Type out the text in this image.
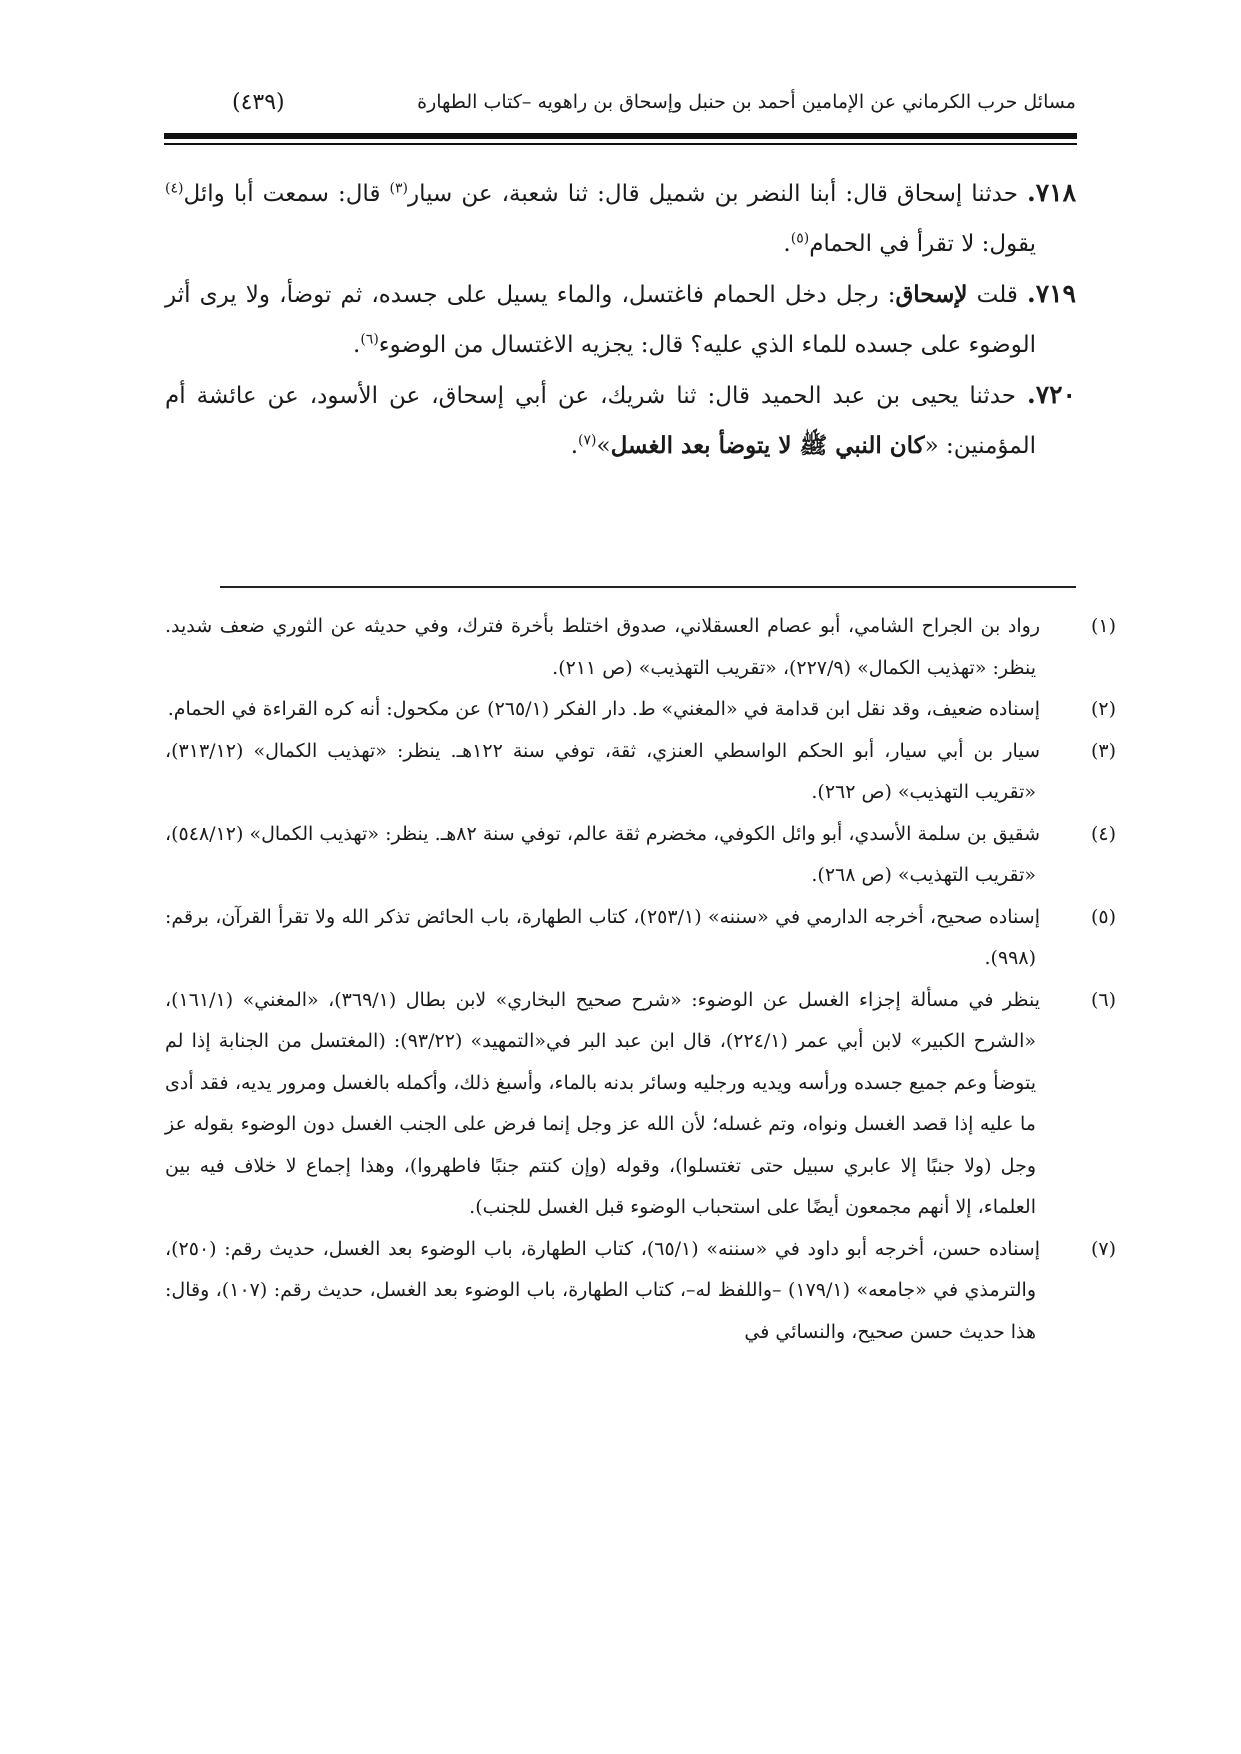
مسائل حرب الكرماني عن الإمامين أحمد بن حنبل وإسحاق بن راهويه –كتاب الطهارة
(٤٣٩)

٧١٨. حدثنا إسحاق قال: أبنا النضر بن شميل قال: ثنا شعبة، عن سيار$^{(٣)}$ قال: سمعت أبا وائل$^{(٤)}$ يقول: لا تقرأ في الحمام$^{(٥)}$.

٧١٩. قلت لإسحاق: رجل دخل الحمام فاغتسل، والماء يسيل على جسده، ثم توضأ، ولا يرى أثر الوضوء على جسده للماء الذي عليه؟ قال: يجزيه الاغتسال من الوضوء$^{(٦)}$.

٧٢٠. حدثنا يحيى بن عبد الحميد قال: ثنا شريك، عن أبي إسحاق، عن الأسود، عن عائشة أم المؤمنين: «كان النبي ﷺ لا يتوضأ بعد الغسل»$^{(٧)}$.

(١)رواد بن الجراح الشامي، أبو عصام العسقلاني، صدوق اختلط بأخرة فترك، وفي حديثه عن الثوري ضعف شديد. ينظر: «تهذيب الكمال» (٢٢٧/٩)، «تقريب التهذيب» (ص ٢١١).

(٢)إسناده ضعيف، وقد نقل ابن قدامة في «المغني» ط. دار الفكر (٢٦٥/١) عن مكحول: أنه كره القراءة في الحمام.

(٣)سيار بن أبي سيار، أبو الحكم الواسطي العنزي، ثقة، توفي سنة ١٢٢هـ. ينظر: «تهذيب الكمال» (٣١٣/١٢)، «تقريب التهذيب» (ص ٢٦٢).

(٤)شقيق بن سلمة الأسدي، أبو وائل الكوفي، مخضرم ثقة عالم، توفي سنة ٨٢هـ. ينظر: «تهذيب الكمال» (٥٤٨/١٢)، «تقريب التهذيب» (ص ٢٦٨).

(٥)إسناده صحيح، أخرجه الدارمي في «سننه» (٢٥٣/١)، كتاب الطهارة، باب الحائض تذكر الله ولا تقرأ القرآن، برقم: (٩٩٨).

(٦)ينظر في مسألة إجزاء الغسل عن الوضوء: «شرح صحيح البخاري» لابن بطال (٣٦٩/١)، «المغني» (١٦١/١)، «الشرح الكبير» لابن أبي عمر (٢٢٤/١)، قال ابن عبد البر في«التمهيد» (٩٣/٢٢): (المغتسل من الجنابة إذا لم يتوضأ وعم جميع جسده ورأسه ويديه ورجليه وسائر بدنه بالماء، وأسبغ ذلك، وأكمله بالغسل ومرور يديه، فقد أدى ما عليه إذا قصد الغسل ونواه، وتم غسله؛ لأن الله عز وجل إنما فرض على الجنب الغسل دون الوضوء بقوله عز وجل (ولا جنبًا إلا عابري سبيل حتى تغتسلوا)، وقوله (وإن كنتم جنبًا فاطهروا)، وهذا إجماع لا خلاف فيه بين العلماء، إلا أنهم مجمعون أيضًا على استحباب الوضوء قبل الغسل للجنب).

(٧)إسناده حسن، أخرجه أبو داود في «سننه» (٦٥/١)، كتاب الطهارة، باب الوضوء بعد الغسل، حديث رقم: (٢٥٠)، والترمذي في «جامعه» (١٧٩/١) –واللفظ له–، كتاب الطهارة، باب الوضوء بعد الغسل، حديث رقم: (١٠٧)، وقال: هذا حديث حسن صحيح، والنسائي في
